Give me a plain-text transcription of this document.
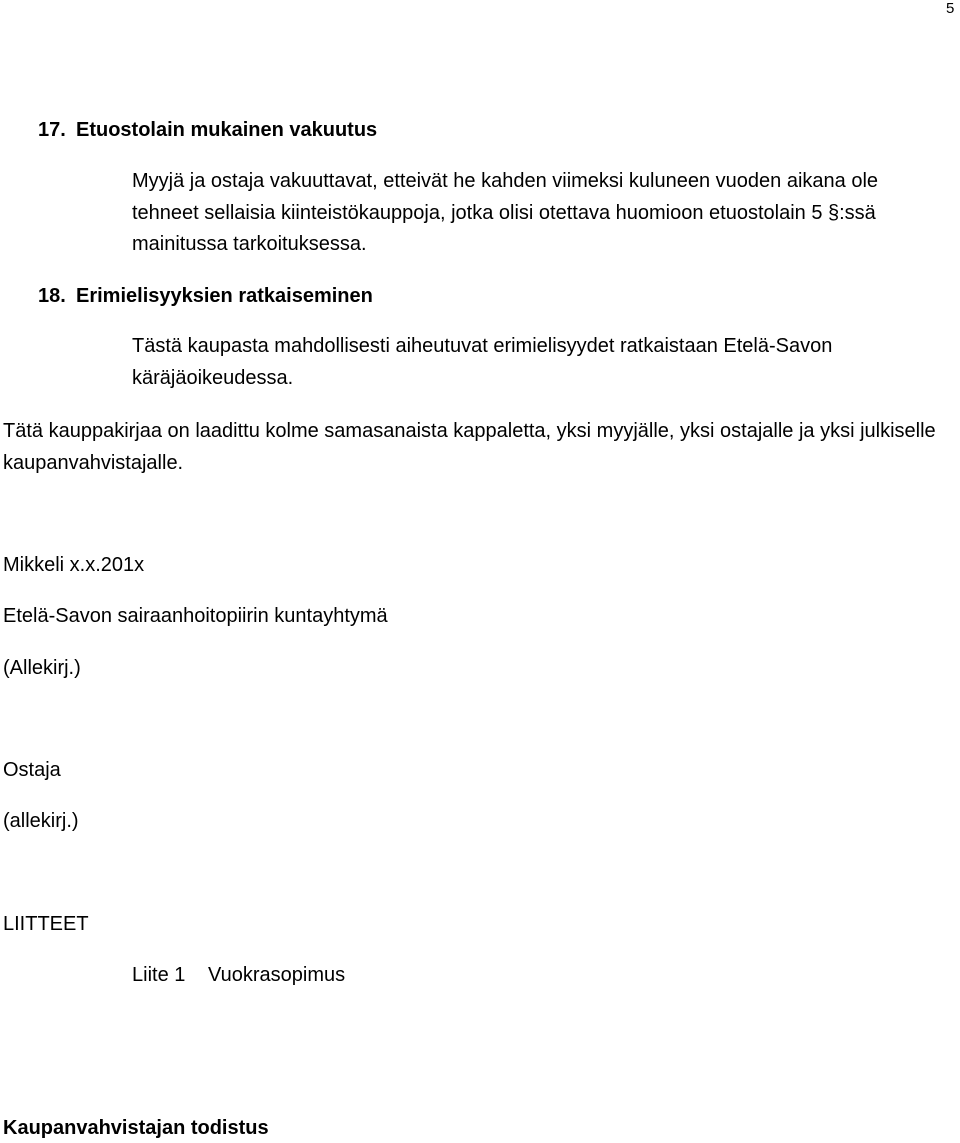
5
17. Etuostolain mukainen vakuutus
Myyjä ja ostaja vakuuttavat, etteivät he kahden viimeksi kuluneen vuoden aikana ole tehneet sellaisia kiinteistökauppoja, jotka olisi otettava huomioon etuostolain 5 §:ssä mainitussa tarkoituksessa.
18. Erimielisyyksien ratkaiseminen
Tästä kaupasta mahdollisesti aiheutuvat erimielisyydet ratkaistaan Etelä-Savon käräjäoikeudessa.
Tätä kauppakirjaa on laadittu kolme samasanaista kappaletta, yksi myyjälle, yksi ostajalle ja yksi julkiselle kaupanvahvistajalle.
Mikkeli x.x.201x
Etelä-Savon sairaanhoitopiirin kuntayhtymä
(Allekirj.)
Ostaja
(allekirj.)
LIITTEET
Liite 1 Vuokrasopimus
Kaupanvahvistajan todistus
